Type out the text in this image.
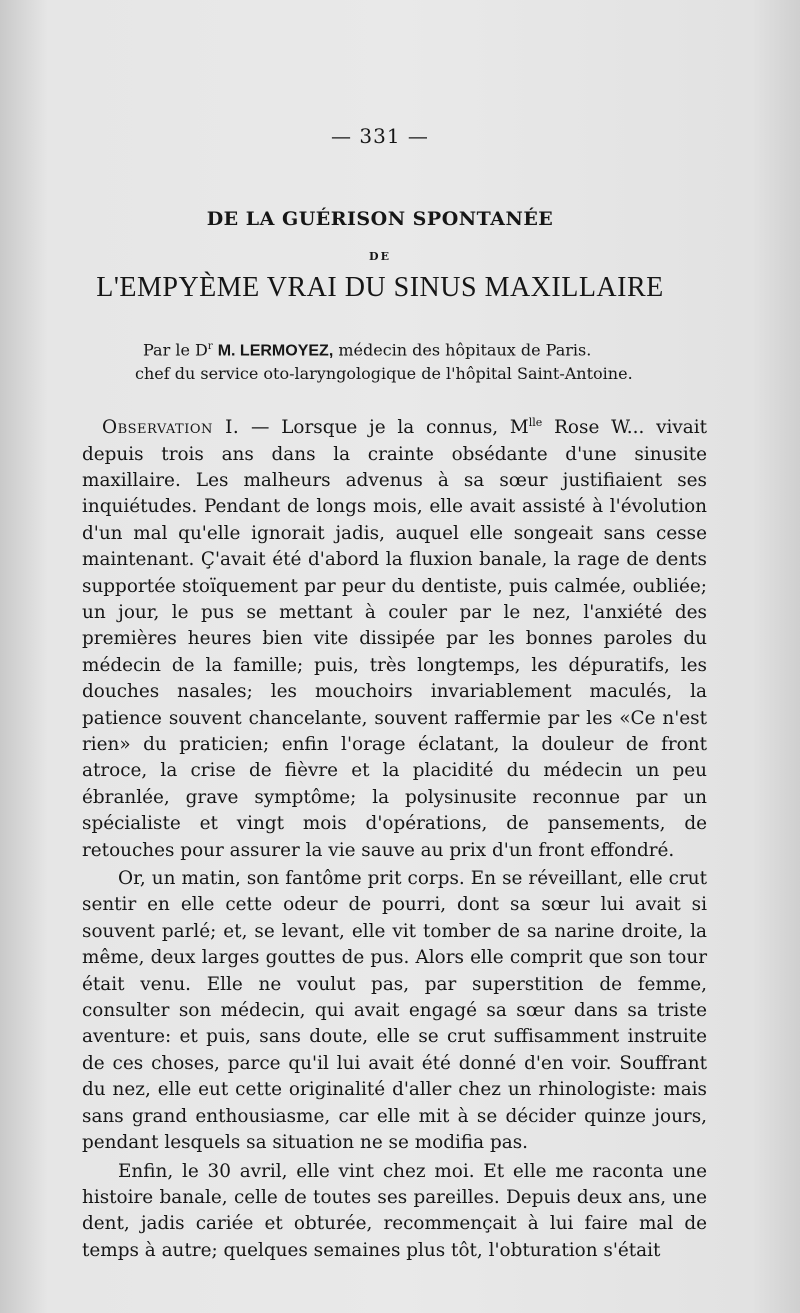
— 331 —
DE LA GUÉRISON SPONTANÉE
DE
L'EMPYÈME VRAI DU SINUS MAXILLAIRE
Par le $D^r$ M. LERMOYEZ, médecin des hôpitaux de Paris.
chef du service oto-laryngologique de l'hôpital Saint-Antoine.

Observation I. — Lorsque je la connus, $M^{lle}$ Rose W... vivait depuis trois ans dans la crainte obsédante d'une sinusite maxillaire. Les malheurs advenus à sa sœur justifiaient ses inquiétudes. Pendant de longs mois, elle avait assisté à l'évolution d'un mal qu'elle ignorait jadis, auquel elle songeait sans cesse maintenant. Ç'avait été d'abord la fluxion banale, la rage de dents supportée stoïquement par peur du dentiste, puis calmée, oubliée; un jour, le pus se mettant à couler par le nez, l'anxiété des premières heures bien vite dissipée par les bonnes paroles du médecin de la famille; puis, très longtemps, les dépuratifs, les douches nasales; les mouchoirs invariablement maculés, la patience souvent chancelante, souvent raffermie par les «Ce n'est rien» du praticien; enfin l'orage éclatant, la douleur de front atroce, la crise de fièvre et la placidité du médecin un peu ébranlée, grave symptôme; la polysinusite reconnue par un spécialiste et vingt mois d'opérations, de pansements, de retouches pour assurer la vie sauve au prix d'un front effondré.

Or, un matin, son fantôme prit corps. En se réveillant, elle crut sentir en elle cette odeur de pourri, dont sa sœur lui avait si souvent parlé; et, se levant, elle vit tomber de sa narine droite, la même, deux larges gouttes de pus. Alors elle comprit que son tour était venu. Elle ne voulut pas, par superstition de femme, consulter son médecin, qui avait engagé sa sœur dans sa triste aventure: et puis, sans doute, elle se crut suffisamment instruite de ces choses, parce qu'il lui avait été donné d'en voir. Souffrant du nez, elle eut cette originalité d'aller chez un rhinologiste: mais sans grand enthousiasme, car elle mit à se décider quinze jours, pendant lesquels sa situation ne se modifia pas.

Enfin, le 30 avril, elle vint chez moi. Et elle me raconta une histoire banale, celle de toutes ses pareilles. Depuis deux ans, une dent, jadis cariée et obturée, recommençait à lui faire mal de temps à autre; quelques semaines plus tôt, l'obturation s'était
